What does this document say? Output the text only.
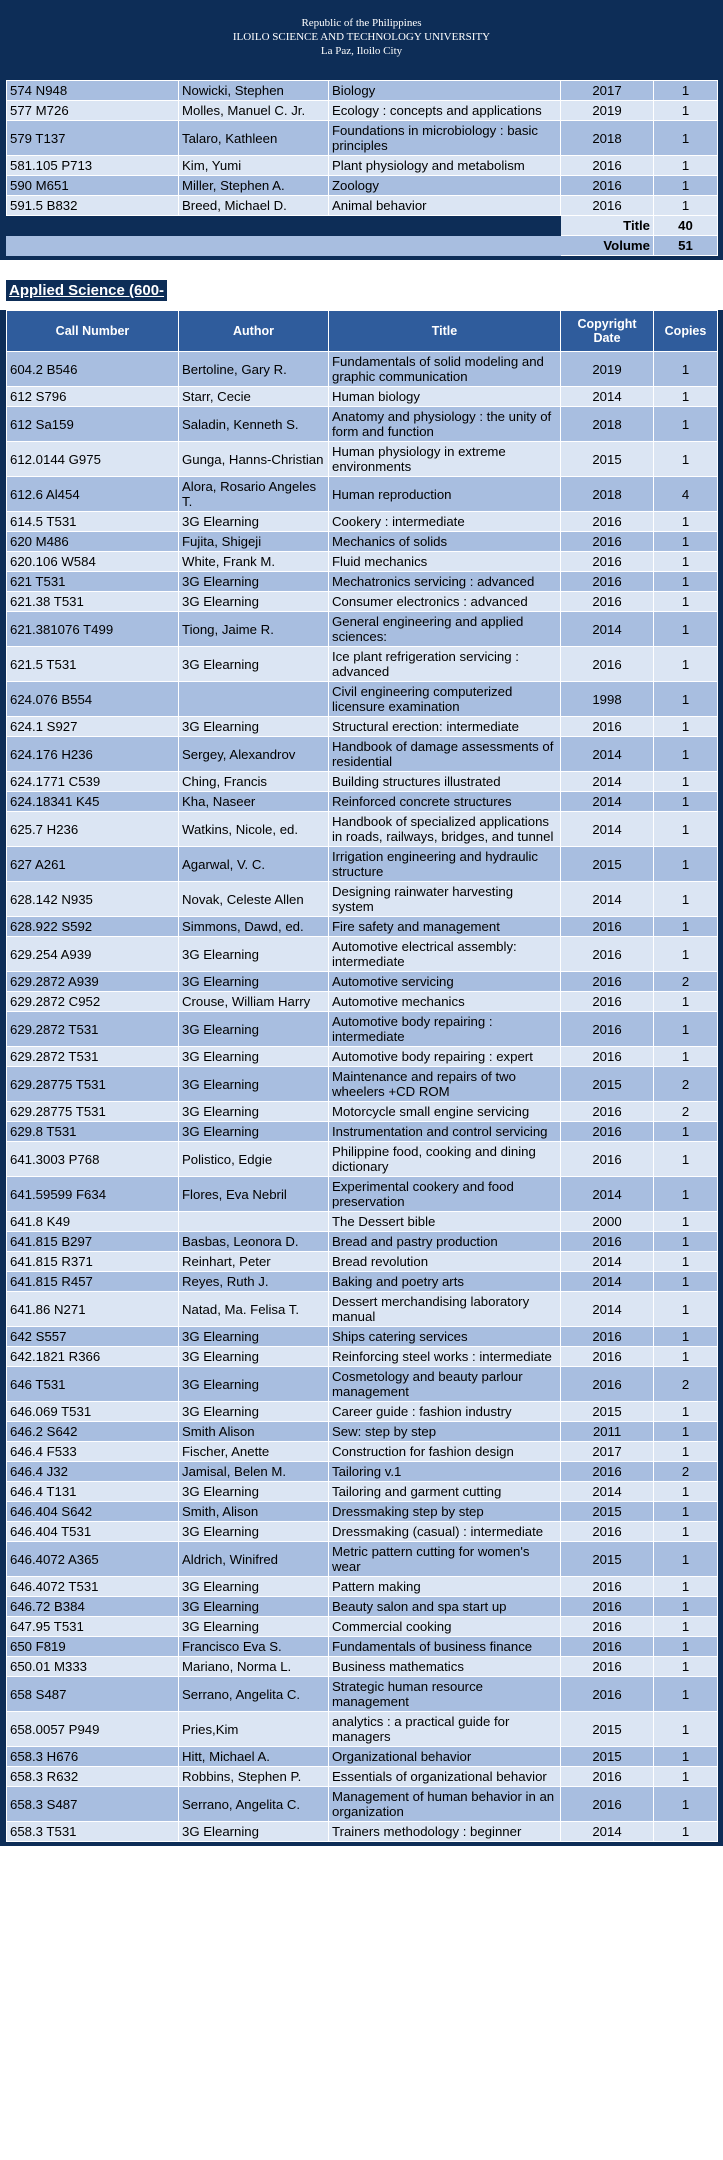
Republic of the Philippines
ILOILO SCIENCE AND TECHNOLOGY UNIVERSITY
La Paz, Iloilo City
574 N948	Nowicki, Stephen	Biology	2017	1
577 M726	Molles, Manuel C. Jr.	Ecology : concepts and applications	2019	1
579 T137	Talaro, Kathleen	Foundations in microbiology : basic principles	2018	1
581.105 P713	Kim, Yumi	Plant physiology and metabolism	2016	1
590 M651	Miller, Stephen A.	Zoology	2016	1
591.5 B832	Breed, Michael D.	Animal behavior	2016	1
			Title	40
			Volume	51
Applied Science (600-
Call Number	Author	Title	Copyright Date	Copies
604.2 B546	Bertoline, Gary R.	Fundamentals of solid modeling and graphic communication	2019	1
612 S796	Starr, Cecie	Human biology	2014	1
612 Sa159	Saladin, Kenneth S.	Anatomy and physiology : the unity of form and function	2018	1
612.0144 G975	Gunga, Hanns-Christian	Human physiology in extreme environments	2015	1
612.6 Al454	Alora, Rosario Angeles T.	Human reproduction	2018	4
614.5 T531	3G Elearning	Cookery : intermediate	2016	1
620 M486	Fujita, Shigeji	Mechanics of solids	2016	1
620.106 W584	White, Frank M.	Fluid mechanics	2016	1
621 T531	3G Elearning	Mechatronics servicing : advanced	2016	1
621.38 T531	3G Elearning	Consumer electronics : advanced	2016	1
621.381076 T499	Tiong, Jaime R.	General engineering and applied sciences:	2014	1
621.5 T531	3G Elearning	Ice plant refrigeration servicing : advanced	2016	1
624.076 B554		Civil engineering computerized licensure examination	1998	1
624.1 S927	3G Elearning	Structural erection: intermediate	2016	1
624.176 H236	Sergey, Alexandrov	Handbook of damage assessments of residential	2014	1
624.1771 C539	Ching, Francis	Building structures illustrated	2014	1
624.18341 K45	Kha, Naseer	Reinforced concrete structures	2014	1
625.7 H236	Watkins, Nicole, ed.	Handbook of specialized applications in roads, railways, bridges, and tunnel	2014	1
627 A261	Agarwal, V. C.	Irrigation engineering and hydraulic structure	2015	1
628.142 N935	Novak, Celeste Allen	Designing rainwater harvesting system	2014	1
628.922 S592	Simmons, Dawd, ed.	Fire safety and management	2016	1
629.254 A939	3G Elearning	Automotive electrical assembly: intermediate	2016	1
629.2872 A939	3G Elearning	Automotive servicing	2016	2
629.2872 C952	Crouse, William Harry	Automotive mechanics	2016	1
629.2872 T531	3G Elearning	Automotive body repairing : intermediate	2016	1
629.2872 T531	3G Elearning	Automotive body repairing : expert	2016	1
629.28775 T531	3G Elearning	Maintenance and repairs of two wheelers +CD ROM	2015	2
629.28775 T531	3G Elearning	Motorcycle small engine servicing	2016	2
629.8 T531	3G Elearning	Instrumentation and control servicing	2016	1
641.3003 P768	Polistico, Edgie	Philippine food, cooking and dining dictionary	2016	1
641.59599 F634	Flores, Eva Nebril	Experimental cookery and food preservation	2014	1
641.8 K49		The Dessert bible	2000	1
641.815 B297	Basbas, Leonora D.	Bread and pastry production	2016	1
641.815 R371	Reinhart, Peter	Bread revolution	2014	1
641.815 R457	Reyes, Ruth J.	Baking and poetry arts	2014	1
641.86 N271	Natad, Ma. Felisa T.	Dessert merchandising laboratory manual	2014	1
642 S557	3G Elearning	Ships catering services	2016	1
642.1821 R366	3G Elearning	Reinforcing steel works : intermediate	2016	1
646 T531	3G Elearning	Cosmetology and beauty parlour management	2016	2
646.069 T531	3G Elearning	Career guide : fashion industry	2015	1
646.2 S642	Smith Alison	Sew: step by step	2011	1
646.4 F533	Fischer, Anette	Construction for fashion design	2017	1
646.4 J32	Jamisal, Belen M.	Tailoring v.1	2016	2
646.4 T131	3G Elearning	Tailoring and garment cutting	2014	1
646.404 S642	Smith, Alison	Dressmaking step by step	2015	1
646.404 T531	3G Elearning	Dressmaking (casual) : intermediate	2016	1
646.4072 A365	Aldrich, Winifred	Metric pattern cutting for women's wear	2015	1
646.4072 T531	3G Elearning	Pattern making	2016	1
646.72 B384	3G Elearning	Beauty salon and spa start up	2016	1
647.95 T531	3G Elearning	Commercial cooking	2016	1
650 F819	Francisco Eva S.	Fundamentals of business finance	2016	1
650.01 M333	Mariano, Norma L.	Business mathematics	2016	1
658 S487	Serrano, Angelita C.	Strategic human resource management	2016	1
658.0057 P949	Pries,Kim	analytics : a practical guide for managers	2015	1
658.3 H676	Hitt, Michael A.	Organizational behavior	2015	1
658.3 R632	Robbins, Stephen P.	Essentials of organizational behavior	2016	1
658.3 S487	Serrano, Angelita C.	Management of human behavior in an organization	2016	1
658.3 T531	3G Elearning	Trainers methodology : beginner	2014	1
